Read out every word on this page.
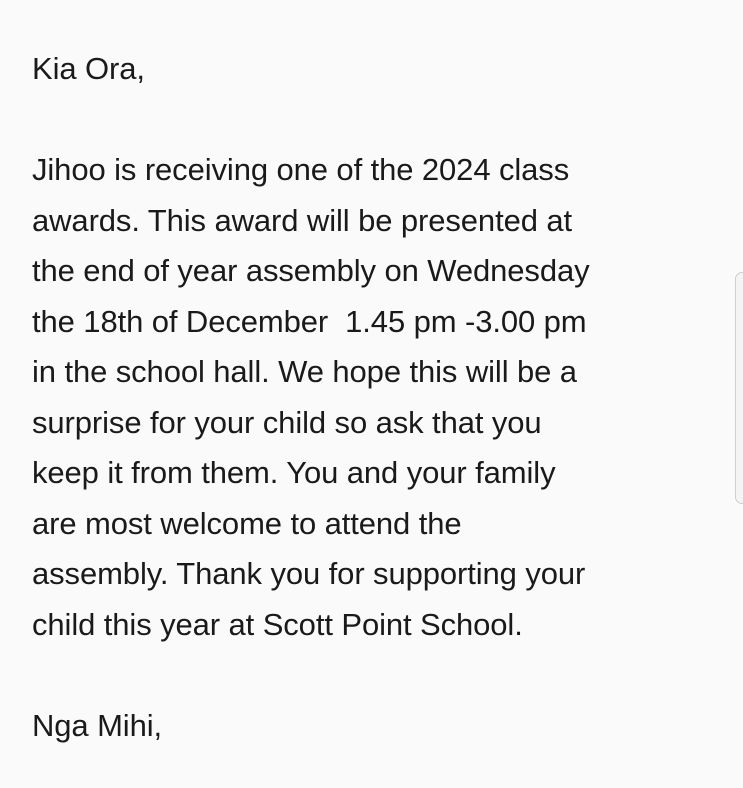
Kia Ora,
Jihoo is receiving one of the 2024 class
awards. This award will be presented at
the end of year assembly on Wednesday
the 18th of December  1.45 pm -3.00 pm
in the school hall. We hope this will be a
surprise for your child so ask that you
keep it from them. You and your family
are most welcome to attend the
assembly. Thank you for supporting your
child this year at Scott Point School.
Nga Mihi,
